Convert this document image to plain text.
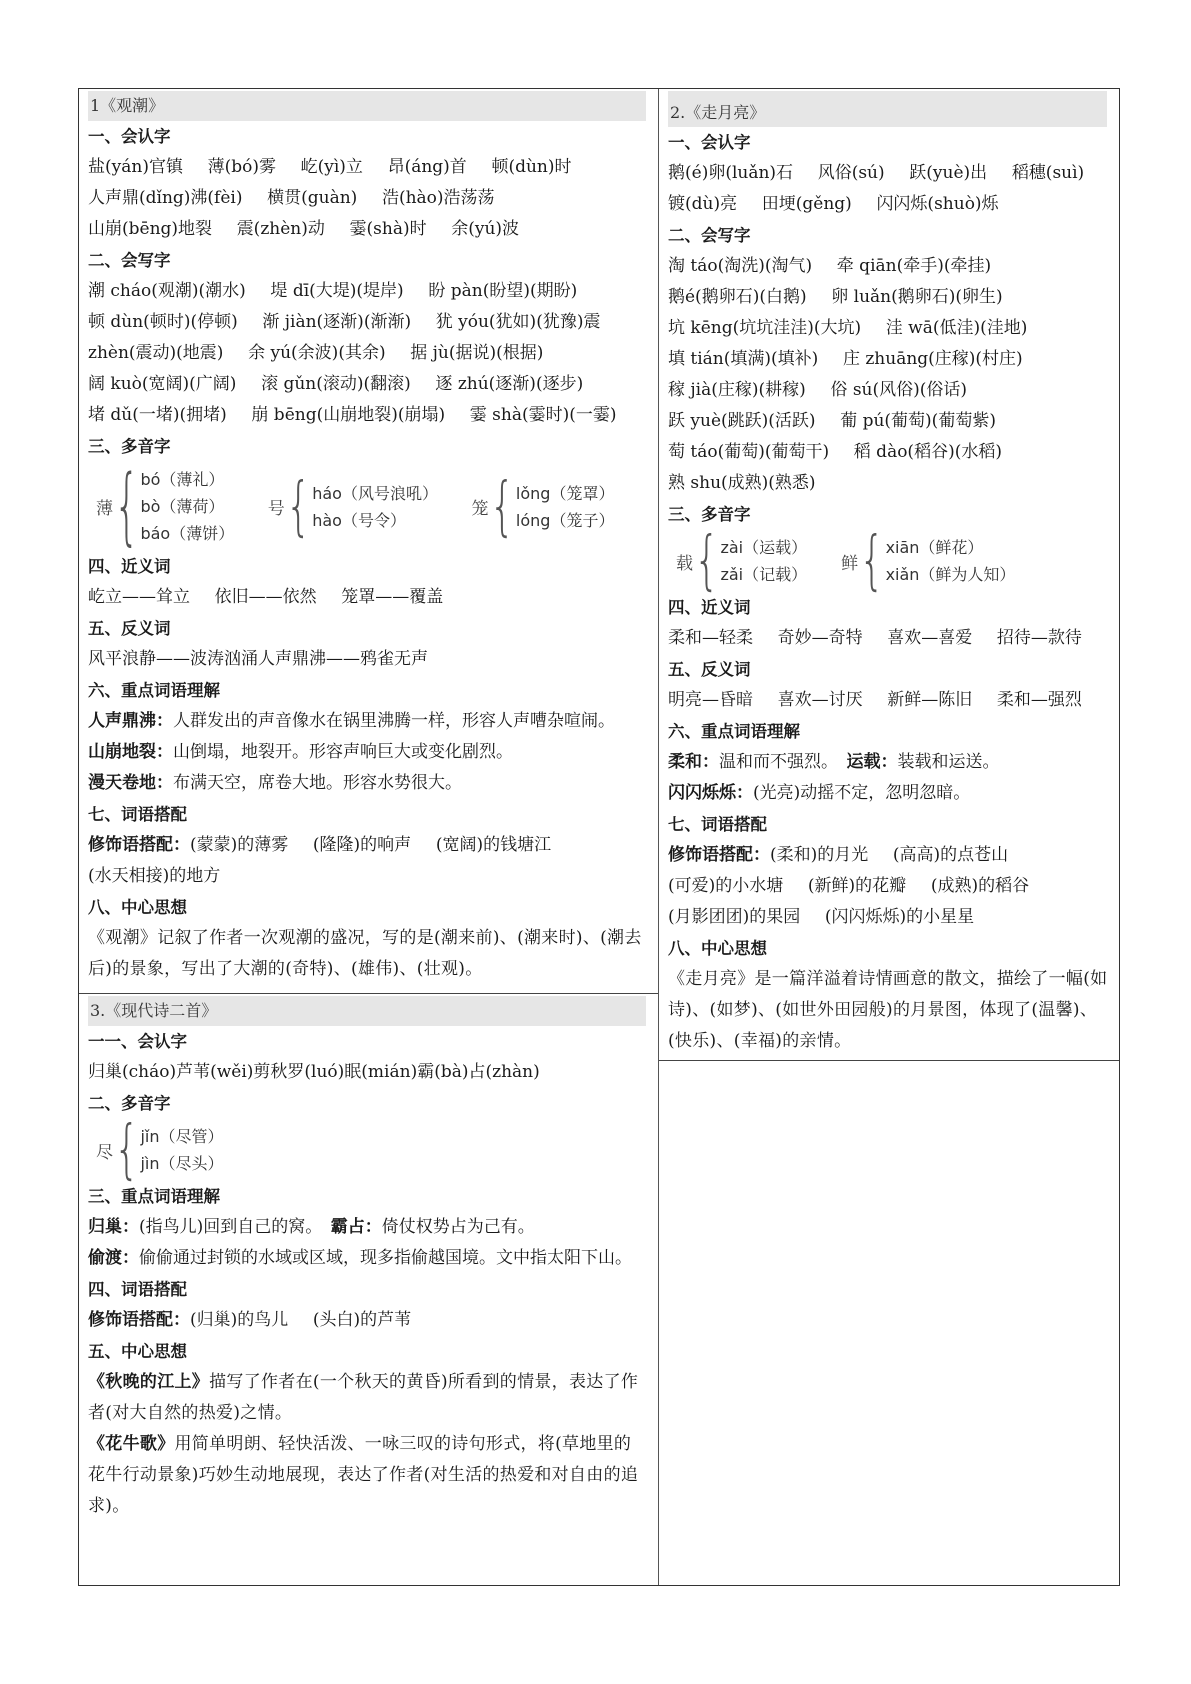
1《观潮》
一、会认字
盐(yán)官镇 薄(bó)雾 屹(yì)立 昂(áng)首 顿(dùn)时
人声鼎(dǐng)沸(fèi) 横贯(guàn) 浩(hào)浩荡荡
山崩(bēng)地裂 震(zhèn)动 霎(shà)时 余(yú)波
二、会写字
潮 cháo(观潮)(潮水) 堤 dī(大堤)(堤岸) 盼 pàn(盼望)(期盼)
顿 dùn(顿时)(停顿) 渐 jiàn(逐渐)(渐渐) 犹 yóu(犹如)(犹豫)震
zhèn(震动)(地震) 余 yú(余波)(其余) 据 jù(据说)(根据)
阔 kuò(宽阔)(广阔) 滚 gǔn(滚动)(翻滚) 逐 zhú(逐渐)(逐步)
堵 dǔ(一堵)(拥堵) 崩 bēng(山崩地裂)(崩塌) 霎 shà(霎时)(一霎)
三、多音字
薄 { bó（薄礼）
bò（薄荷）
báo（薄饼）
号 { háo（风号浪吼）
hào（号令）
笼 { lǒng（笼罩）
lóng（笼子）
四、近义词
屹立——耸立 依旧——依然 笼罩——覆盖
五、反义词
风平浪静——波涛汹涌人声鼎沸——鸦雀无声
六、重点词语理解
人声鼎沸：人群发出的声音像水在锅里沸腾一样，形容人声嘈杂喧闹。
山崩地裂：山倒塌，地裂开。形容声响巨大或变化剧烈。
漫天卷地：布满天空，席卷大地。形容水势很大。
七、词语搭配
修饰语搭配：(蒙蒙)的薄雾 (隆隆)的响声 (宽阔)的钱塘江
(水天相接)的地方
八、中心思想
《观潮》记叙了作者一次观潮的盛况，写的是(潮来前)、(潮来时)、(潮去后)的景象，写出了大潮的(奇特)、(雄伟)、(壮观)。
2.《走月亮》
一、会认字
鹅(é)卵(luǎn)石 风俗(sú) 跃(yuè)出 稻穗(suì)
镀(dù)亮 田埂(gěng) 闪闪烁(shuò)烁
二、会写字
淘 táo(淘洗)(淘气) 牵 qiān(牵手)(牵挂)
鹅é(鹅卵石)(白鹅) 卵 luǎn(鹅卵石)(卵生)
坑 kēng(坑坑洼洼)(大坑) 洼 wā(低洼)(洼地)
填 tián(填满)(填补) 庄 zhuāng(庄稼)(村庄)
稼 jià(庄稼)(耕稼) 俗 sú(风俗)(俗话)
跃 yuè(跳跃)(活跃) 葡 pú(葡萄)(葡萄紫)
萄 táo(葡萄)(葡萄干) 稻 dào(稻谷)(水稻)
熟 shu(成熟)(熟悉)
三、多音字
载 { zài（运载）
zǎi（记载）
鲜 { xiān（鲜花）
xiǎn（鲜为人知）
四、近义词
柔和—轻柔 奇妙—奇特 喜欢—喜爱 招待—款待
五、反义词
明亮—昏暗 喜欢—讨厌 新鲜—陈旧 柔和—强烈
六、重点词语理解
柔和：温和而不强烈。　 运载：装载和运送。
闪闪烁烁：(光亮)动摇不定，忽明忽暗。
七、词语搭配
修饰语搭配：(柔和)的月光 (高高)的点苍山
(可爱)的小水塘 (新鲜)的花瓣 (成熟)的稻谷
(月影团团)的果园 (闪闪烁烁)的小星星
八、中心思想
《走月亮》是一篇洋溢着诗情画意的散文，描绘了一幅(如诗)、(如梦)、(如世外田园般)的月景图，体现了(温馨)、(快乐)、(幸福)的亲情。
3.《现代诗二首》
一一、会认字
归巢(cháo)芦苇(wěi)剪秋罗(luó)眠(mián)霸(bà)占(zhàn)
二、多音字
尽 { jǐn（尽管）
jìn（尽头）
三、重点词语理解
归巢：(指鸟儿)回到自己的窝。　 霸占：倚仗权势占为己有。
偷渡：偷偷通过封锁的水域或区域，现多指偷越国境。文中指太阳下山。
四、词语搭配
修饰语搭配：(归巢)的鸟儿 (头白)的芦苇
五、中心思想
《秋晚的江上》描写了作者在(一个秋天的黄昏)所看到的情景，表达了作者(对大自然的热爱)之情。
《花牛歌》用简单明朗、轻快活泼、一咏三叹的诗句形式，将(草地里的花牛行动景象)巧妙生动地展现，表达了作者(对生活的热爱和对自由的追求)。
